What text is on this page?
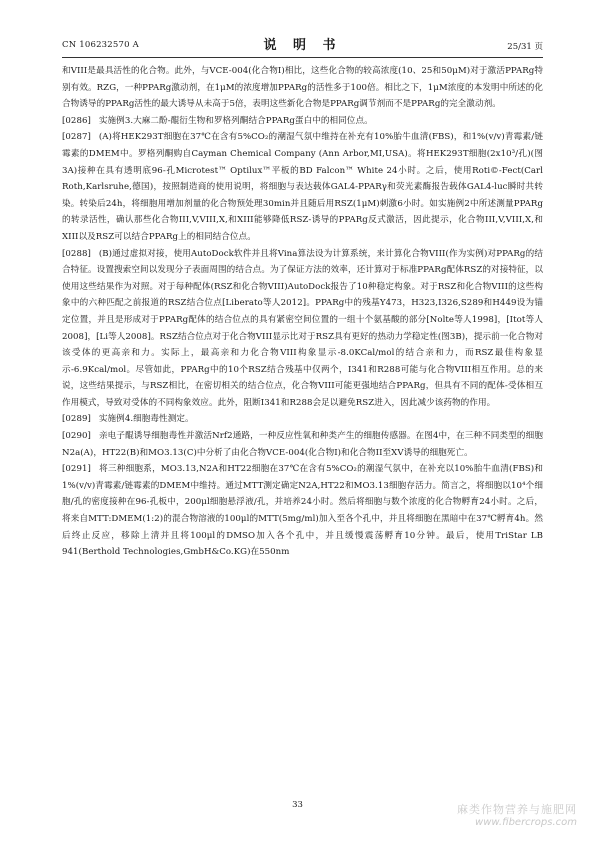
CN 106232570 A	说 明 书	25/31 页

和VIII是最具活性的化合物。此外，与VCE-004(化合物I)相比，这些化合物的较高浓度(10、25和50μM)对于激活PPARg特别有效。RZG，一种PPARg激动剂，在1μM的浓度增加PPARg的活性多于100倍。相比之下，1μM浓度的本发明中所述的化合物诱导的PPARg活性的最大诱导从未高于5倍，表明这些新化合物是PPARg调节剂而不是PPARg的完全激动剂。

[0286] 实施例3.大麻二酚-醌衍生物和罗格列酮结合PPARg蛋白中的相同位点。

[0287] (A)将HEK293T细胞在37℃在含有5%CO₂的潮湿气氛中维持在补充有10%胎牛血清(FBS)，和1%(v/v)青霉素/链霉素的DMEM中。罗格列酮购自Cayman Chemical Company (Ann Arbor,MI,USA)。将HEK293T细胞(2x10³/孔)(图3A)接种在具有透明底96-孔Microtest™ Optilux™平板的BD Falcon™ White 24小时。之后，使用Roti©-Fect(Carl Roth,Karlsruhe,德国)，按照制造商的使用说明，将细胞与表达载体GAL4-PPARγ和荧光素酶报告载体GAL4-luc瞬时共转染。转染后24h，将细胞用增加剂量的化合物预处理30min并且随后用RSZ(1μM)刺激6小时。如实施例2中所述测量PPARg的转录活性，确认那些化合物III,V,VIII,X,和XIII能够降低RSZ-诱导的PPARg反式激活，因此提示，化合物III,V,VIII,X,和XIII以及RSZ可以结合PPARg上的相同结合位点。

[0288] (B)通过虚拟对接，使用AutoDock软件并且将Vina算法设为计算系统，来计算化合物VIII(作为实例)对PPARg的结合特征。设置搜索空间以发现分子表面周围的结合点。为了保证方法的效率，还计算对于标准PPARg配体RSZ的对接特征，以使用这些结果作为对照。对于每种配体(RSZ和化合物VIII)AutoDock报告了10种稳定构象。对于RSZ和化合物VIII的这些构象中的六种匹配之前报道的RSZ结合位点[Liberato等人2012]。PPARg中的残基Y473，H323,I326,S289和H449设为锚定位置，并且是形成对于PPARg配体的结合位点的具有紧密空间位置的一组十个氨基酸的部分[Nolte等人1998]，[Itot等人2008]，[Li等人2008]。RSZ结合位点对于化合物VIII显示比对于RSZ具有更好的热动力学稳定性(图3B)，提示前一化合物对该受体的更高亲和力。实际上，最高亲和力化合物VIII构象显示-8.0KCal/mol的结合亲和力，而RSZ最佳构象显示-6.9Kcal/mol。尽管如此，PPARg中的10个RSZ结合残基中仅两个，I341和R288可能与化合物VIII相互作用。总的来说，这些结果提示，与RSZ相比，在密切相关的结合位点，化合物VIII可能更强地结合PPARg，但具有不同的配体-受体相互作用模式，导致对受体的不同构象效应。此外，阻断I341和R288会足以避免RSZ进入，因此减少该药物的作用。

[0289] 实施例4.细胞毒性测定。

[0290] 亲电子醌诱导细胞毒性并激活Nrf2通路，一种反应性氧和种类产生的细胞传感器。在图4中，在三种不同类型的细胞N2a(A)，HT22(B)和MO3.13(C)中分析了由化合物VCE-004(化合物I)和化合物II至XV诱导的细胞死亡。

[0291] 将三种细胞系，MO3.13,N2A和HT22细胞在37℃在含有5%CO₂的潮湿气氛中，在补充以10%胎牛血清(FBS)和1%(v/v)青霉素/链霉素的DMEM中维持。通过MTT测定确定N2A,HT22和MO3.13细胞存活力。简言之，将细胞以10⁴个细胞/孔的密度接种在96-孔板中，200μl细胞悬浮液/孔，并培养24小时。然后将细胞与数个浓度的化合物孵育24小时。之后，将来自MTT:DMEM(1:2)的混合物溶液的100μl的MTT(5mg/ml)加入至各个孔中，并且将细胞在黑暗中在37℃孵育4h。然后终止反应，移除上清并且将100μl的DMSO加入各个孔中，并且缓慢震荡孵育10分钟。最后，使用TriStar LB 941(Berthold Technologies,GmbH&Co.KG)在550nm

33	麻类作物营养与施肥网
www.fibercrops.com
